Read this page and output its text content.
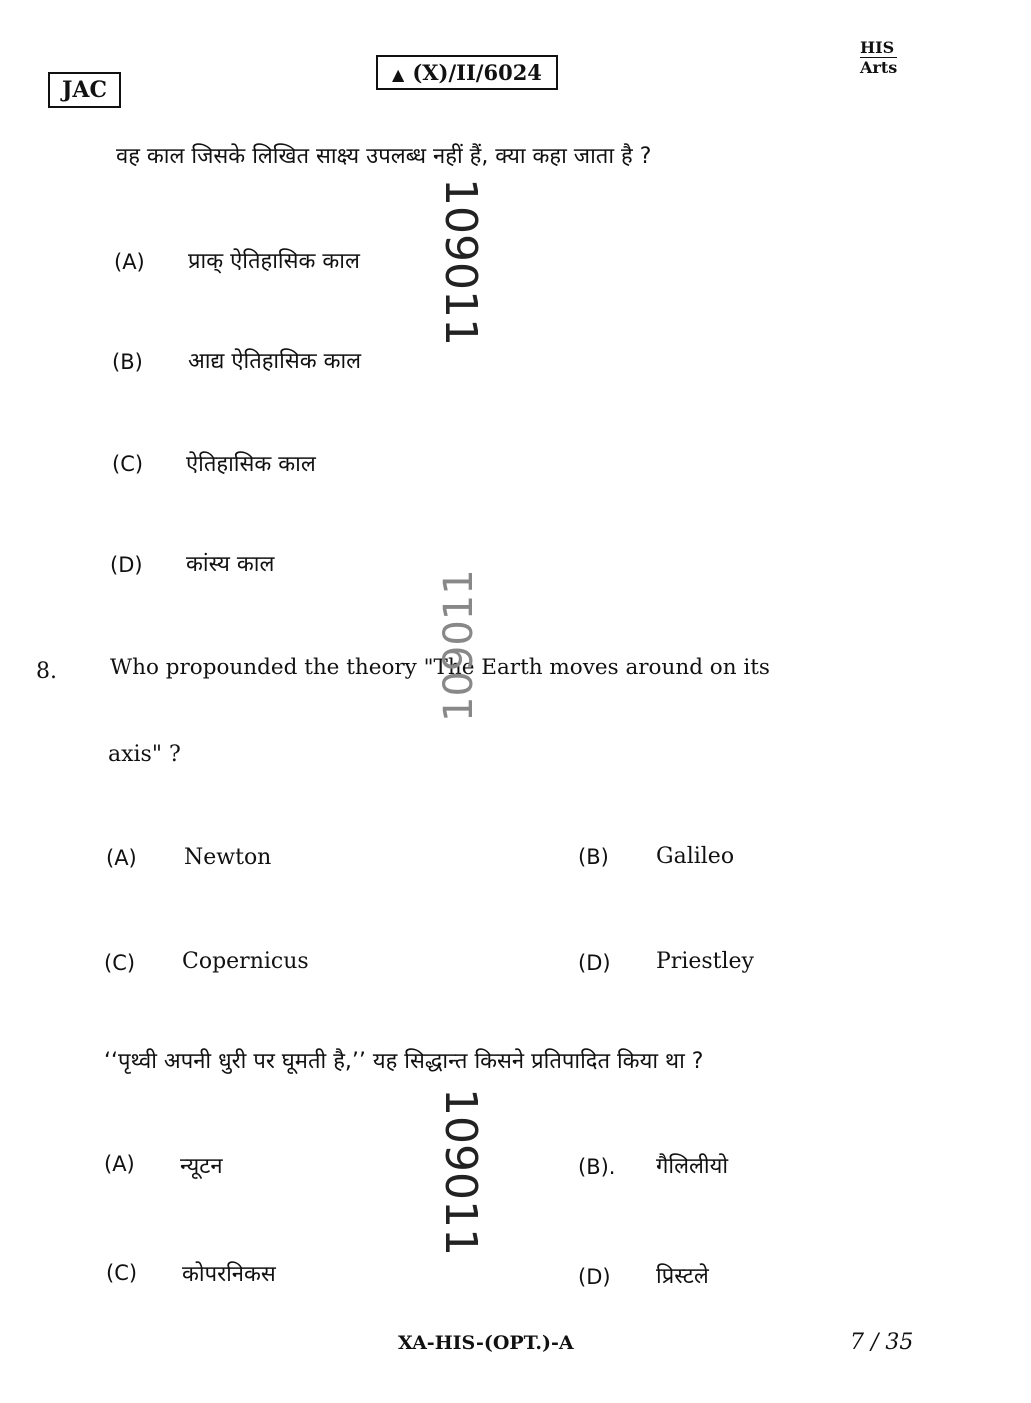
JAC
▲ (X)/II/6024
HIS
Arts
वह काल जिसके लिखित साक्ष्य उपलब्ध नहीं हैं, क्या कहा जाता है ?
(A) प्राक् ऐतिहासिक काल
(B) आद्य ऐतिहासिक काल
(C) ऐतिहासिक काल
(D) कांस्य काल
8. Who propounded the theory "The Earth moves around on its
axis" ?
(A) Newton	(B) Galileo
(C) Copernicus	(D) Priestley
‘‘पृथ्वी अपनी धुरी पर घूमती है,’’ यह सिद्धान्त किसने प्रतिपादित किया था ?
(A) न्यूटन	(B). गैलिलीयो
(C) कोपरनिकस	(D) प्रिस्टले
109011
109011
109011
XA-HIS-(OPT.)-A	7 / 35
